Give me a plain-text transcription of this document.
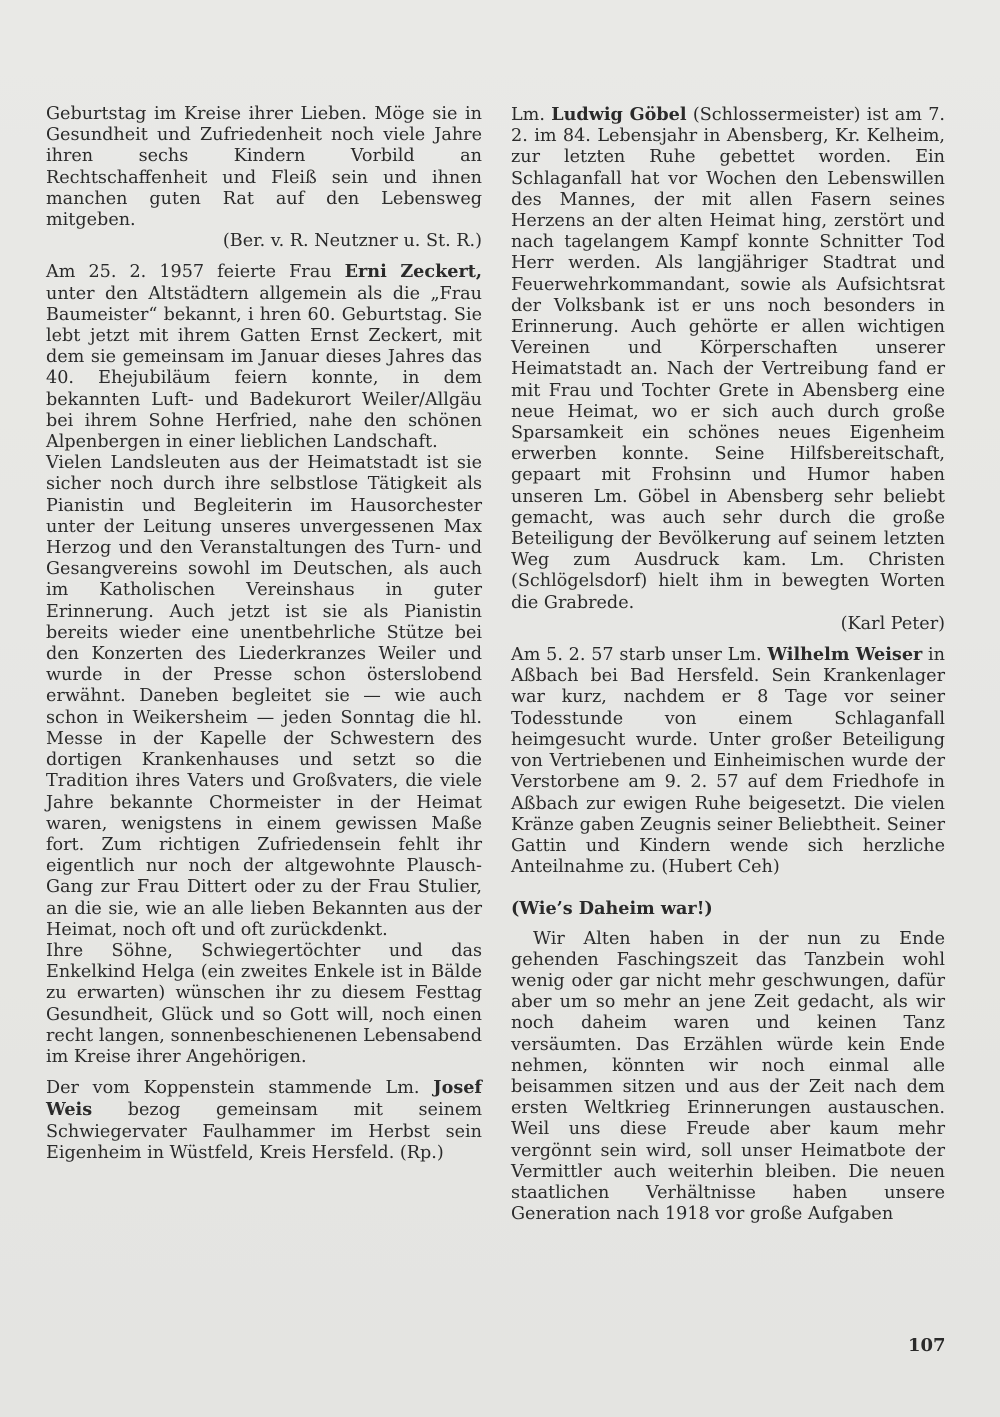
Geburtstag im Kreise ihrer Lieben. Möge sie in Gesundheit und Zufriedenheit noch viele Jahre ihren sechs Kindern Vorbild an Rechtschaffenheit und Fleiß sein und ihnen manchen guten Rat auf den Lebensweg mitgeben.

(Ber. v. R. Neutzner u. St. R.)

Am 25. 2. 1957 feierte Frau Erni Zeckert, unter den Altstädtern allgemein als die „Frau Baumeister“ bekannt, i hren 60. Geburtstag. Sie lebt jetzt mit ihrem Gatten Ernst Zeckert, mit dem sie gemeinsam im Januar dieses Jahres das 40. Ehejubiläum feiern konnte, in dem bekannten Luft- und Badekurort Weiler/Allgäu bei ihrem Sohne Herfried, nahe den schönen Alpenbergen in einer lieblichen Landschaft.

Vielen Landsleuten aus der Heimatstadt ist sie sicher noch durch ihre selbstlose Tätigkeit als Pianistin und Begleiterin im Hausorchester unter der Leitung unseres unvergessenen Max Herzog und den Veranstaltungen des Turn- und Gesangvereins sowohl im Deutschen, als auch im Katholischen Vereinshaus in guter Erinnerung. Auch jetzt ist sie als Pianistin bereits wieder eine unentbehrliche Stütze bei den Konzerten des Liederkranzes Weiler und wurde in der Presse schon österslobend erwähnt. Daneben begleitet sie — wie auch schon in Weikersheim — jeden Sonntag die hl. Messe in der Kapelle der Schwestern des dortigen Krankenhauses und setzt so die Tradition ihres Vaters und Großvaters, die viele Jahre bekannte Chormeister in der Heimat waren, wenigstens in einem gewissen Maße fort. Zum richtigen Zufriedensein fehlt ihr eigentlich nur noch der altgewohnte Plausch-Gang zur Frau Dittert oder zu der Frau Stulier, an die sie, wie an alle lieben Bekannten aus der Heimat, noch oft und oft zurückdenkt.

Ihre Söhne, Schwiegertöchter und das Enkelkind Helga (ein zweites Enkele ist in Bälde zu erwarten) wünschen ihr zu diesem Festtag Gesundheit, Glück und so Gott will, noch einen recht langen, sonnenbeschienenen Lebensabend im Kreise ihrer Angehörigen.

Der vom Koppenstein stammende Lm. Josef Weis bezog gemeinsam mit seinem Schwiegervater Faulhammer im Herbst sein Eigenheim in Wüstfeld, Kreis Hersfeld. (Rp.)

Lm. Ludwig Göbel (Schlossermeister) ist am 7. 2. im 84. Lebensjahr in Abensberg, Kr. Kelheim, zur letzten Ruhe gebettet worden. Ein Schlaganfall hat vor Wochen den Lebenswillen des Mannes, der mit allen Fasern seines Herzens an der alten Heimat hing, zerstört und nach tagelangem Kampf konnte Schnitter Tod Herr werden. Als langjähriger Stadtrat und Feuerwehrkommandant, sowie als Aufsichtsrat der Volksbank ist er uns noch besonders in Erinnerung. Auch gehörte er allen wichtigen Vereinen und Körperschaften unserer Heimatstadt an. Nach der Vertreibung fand er mit Frau und Tochter Grete in Abensberg eine neue Heimat, wo er sich auch durch große Sparsamkeit ein schönes neues Eigenheim erwerben konnte. Seine Hilfsbereitschaft, gepaart mit Frohsinn und Humor haben unseren Lm. Göbel in Abensberg sehr beliebt gemacht, was auch sehr durch die große Beteiligung der Bevölkerung auf seinem letzten Weg zum Ausdruck kam. Lm. Christen (Schlögelsdorf) hielt ihm in bewegten Worten die Grabrede.

(Karl Peter)

Am 5. 2. 57 starb unser Lm. Wilhelm Weiser in Aßbach bei Bad Hersfeld. Sein Krankenlager war kurz, nachdem er 8 Tage vor seiner Todesstunde von einem Schlaganfall heimgesucht wurde. Unter großer Beteiligung von Vertriebenen und Einheimischen wurde der Verstorbene am 9. 2. 57 auf dem Friedhofe in Aßbach zur ewigen Ruhe beigesetzt. Die vielen Kränze gaben Zeugnis seiner Beliebtheit. Seiner Gattin und Kindern wende sich herzliche Anteilnahme zu. (Hubert Ceh)

(Wie’s Daheim war!)

Wir Alten haben in der nun zu Ende gehenden Faschingszeit das Tanzbein wohl wenig oder gar nicht mehr geschwungen, dafür aber um so mehr an jene Zeit gedacht, als wir noch daheim waren und keinen Tanz versäumten. Das Erzählen würde kein Ende nehmen, könnten wir noch einmal alle beisammen sitzen und aus der Zeit nach dem ersten Weltkrieg Erinnerungen austauschen. Weil uns diese Freude aber kaum mehr vergönnt sein wird, soll unser Heimatbote der Vermittler auch weiterhin bleiben. Die neuen staatlichen Verhältnisse haben unsere Generation nach 1918 vor große Aufgaben

107
